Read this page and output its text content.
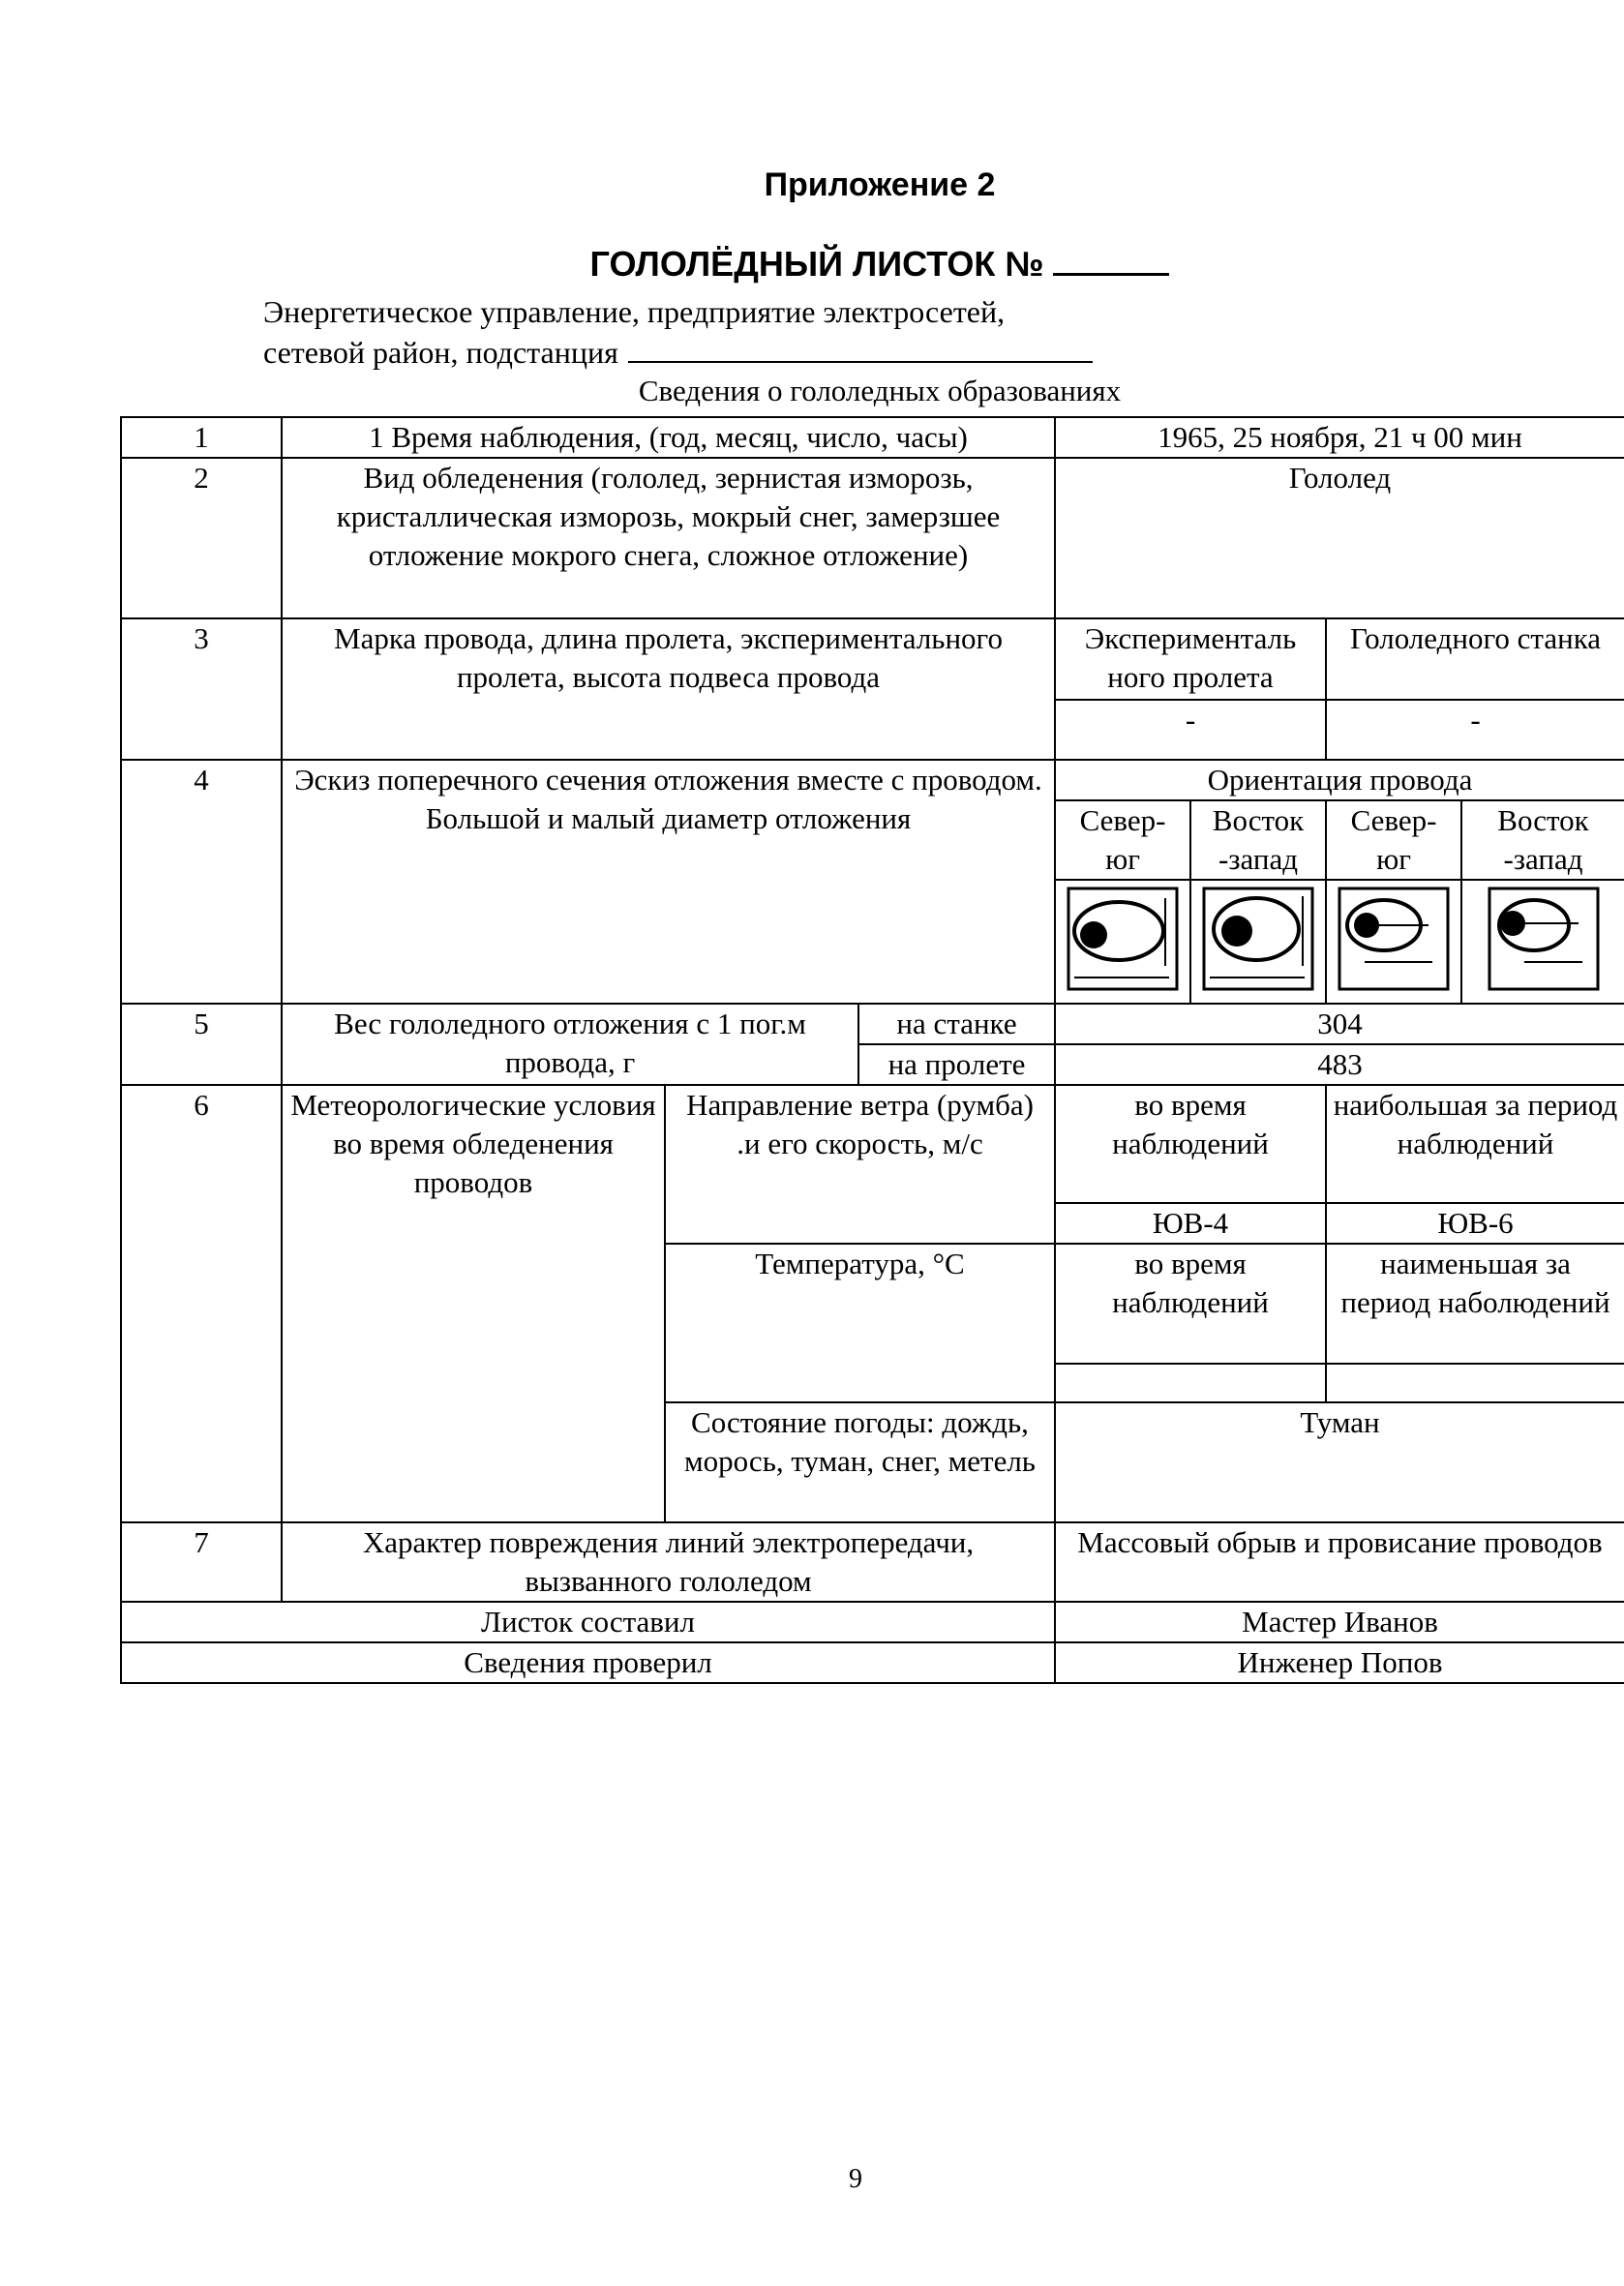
Приложение 2
ГОЛОЛЁДНЫЙ ЛИСТОК №
Энергетическое управление, предприятие электросетей,
сетевой район, подстанция
Сведения о гололедных образованиях
1	1 Время наблюдения, (год, месяц, число, часы)			1965, 25 ноября, 21 ч 00 мин			
2	Вид обледенения (гололед, зернистая изморозь, кристаллическая изморозь, мокрый снег, замерзшее отложение мокрого снега, сложное отложение)			Гололед			
3	Марка провода, длина пролета, экспериментального пролета, высота подвеса провода			Эксперименталь ного пролета		Гололедного станка	
				-		-	
4	Эскиз поперечного сечения отложения вместе с проводом. Большой и малый диаметр отложения			Ориентация провода			
				Север- юг	Восток -запад	Север- юг	Восток -запад

5	Вес гололедного отложения с 1 пог.м провода, г		на станке	304			
			на пролете	483			
6	Метеорологические условия во время обледенения проводов	Направление ветра (румба) .и его скорость, м/с		во время наблюдений		наибольшая за период наблюдений	
				ЮВ-4		ЮВ-6	
		Температура, °С		во время наблюдений		наименьшая за период наболюдений	

		Состояние погоды: дождь, морось, туман, снег, метель		Туман			

7	Характер повреждения линий электропередачи, вызванного гололедом			Массовый обрыв и провисание проводов			
Листок составил				Мастер Иванов			
Сведения проверил				Инженер Попов			
9
